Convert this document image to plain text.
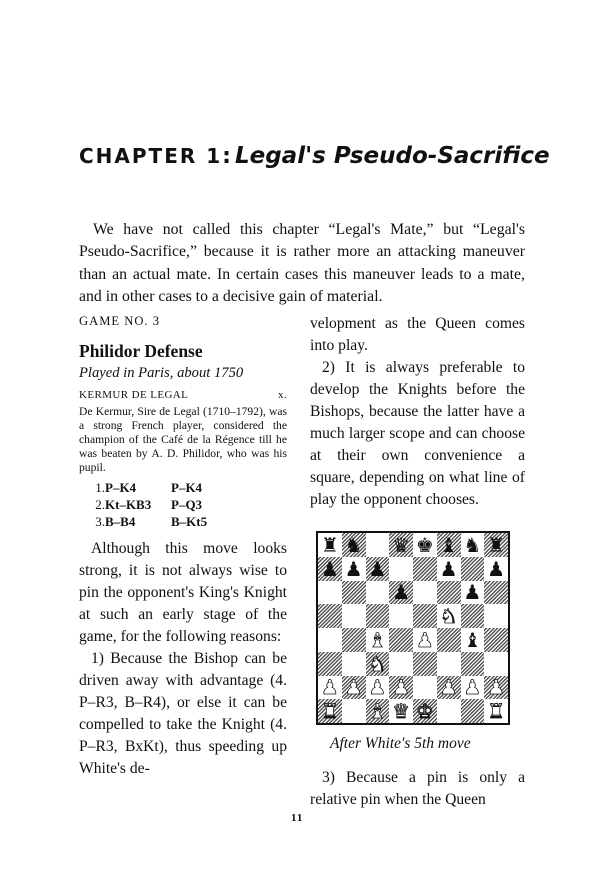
CHAPTER 1: Legal's Pseudo-Sacrifice

We have not called this chapter “Legal's Mate,” but “Legal's Pseudo-Sacrifice,” because it is rather more an attacking maneuver than an actual mate. In certain cases this maneuver leads to a mate, and in other cases to a decisive gain of material.

GAME NO. 3
Philidor Defense
Played in Paris, about 1750
KERMUR DE LEGAL	x.

De Kermur, Sire de Legal (1710–1792), was a strong French player, considered the champion of the Café de la Régence till he was beaten by A. D. Philidor, who was his pupil.

1.	P–K4	P–K4
2.	Kt–KB3	P–Q3
3.	B–B4	B–Kt5

Although this move looks strong, it is not always wise to pin the opponent's King's Knight at such an early stage of the game, for the following reasons:

1) Because the Bishop can be driven away with advantage (4. P–R3, B–R4), or else it can be compelled to take the Knight (4. P–R3, BxKt), thus speeding up White's de-

velopment as the Queen comes into play.

2) It is always preferable to develop the Knights before the Bishops, because the latter have a much larger scope and can choose at their own convenience a square, depending on what line of play the opponent chooses.

♜ ♞ ♛ ♚ ♝ ♞ ♜
♟ ♟ ♟	♟ ♟
♟	♟
♞
♝ ♟ ♝
♞
♟ ♟ ♟ ♟ ♟ ♟ ♟
♜ ♝ ♛ ♚	♜
After White's 5th move

3) Because a pin is only a relative pin when the Queen

11
